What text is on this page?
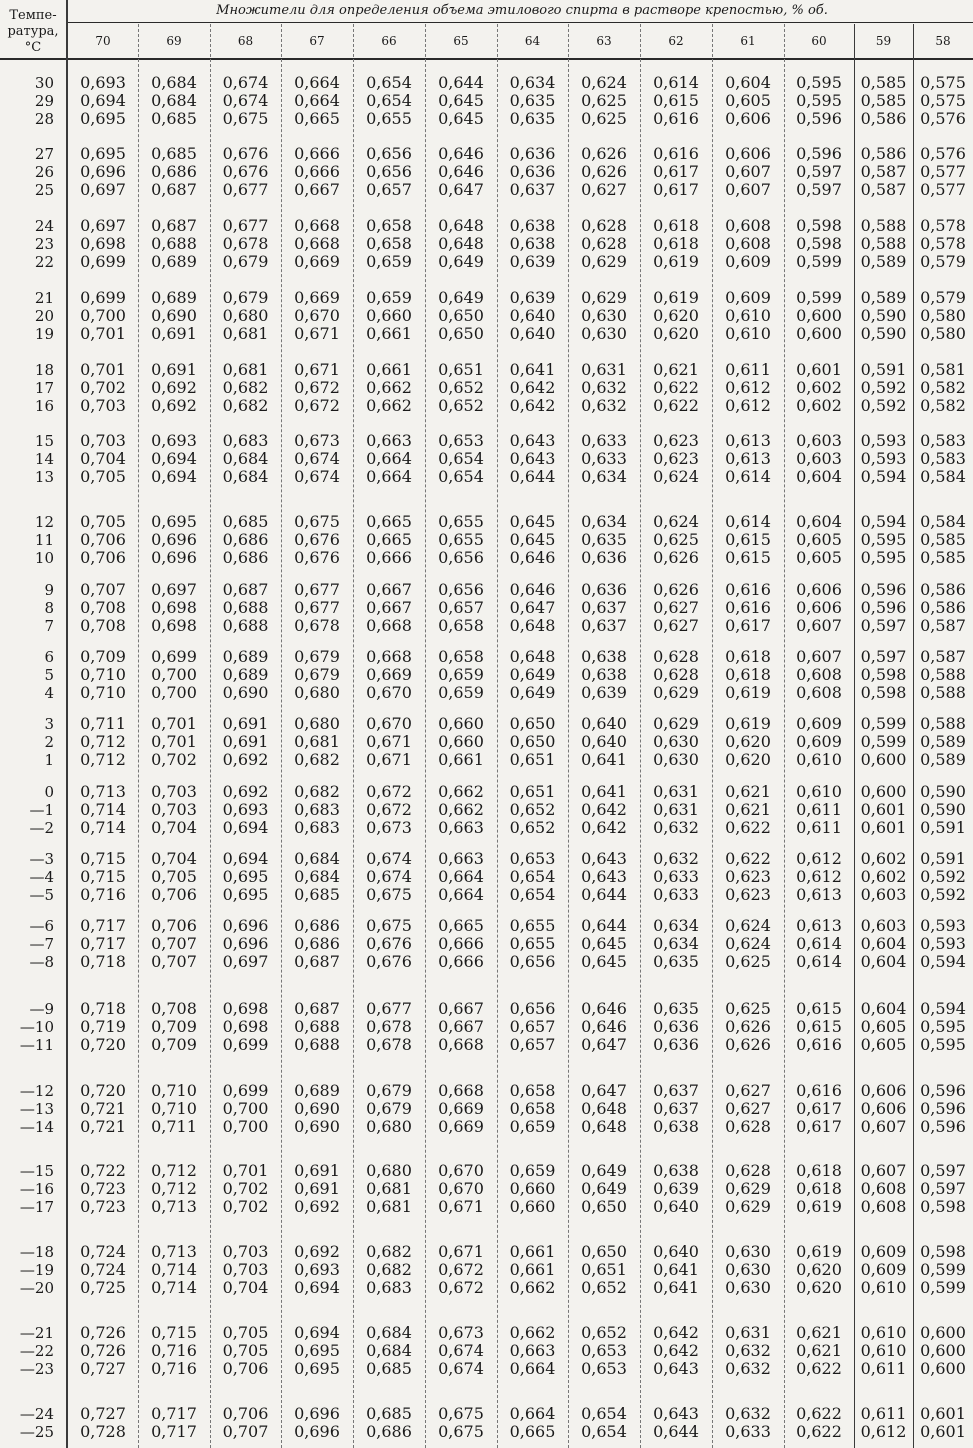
Темпе-
ратура,
°C
Множители для определения объема этилового спирта в растворе крепостью, % об.
70	69	68	67	66	65	64	63	62	61	60	59	58
30	0,693	0,684	0,674	0,664	0,654	0,644	0,634	0,624	0,614	0,604	0,595	0,585 0,575
29	0,694	0,684	0,674	0,664	0,654	0,645	0,635	0,625	0,615	0,605	0,595	0,585 0,575
28	0,695	0,685	0,675	0,665	0,655	0,645	0,635	0,625	0,616	0,606	0,596	0,586 0,576
27	0,695	0,685	0,676	0,666	0,656	0,646	0,636	0,626	0,616	0,606	0,596	0,586 0,576
26	0,696	0,686	0,676	0,666	0,656	0,646	0,636	0,626	0,617	0,607	0,597	0,587 0,577
25	0,697	0,687	0,677	0,667	0,657	0,647	0,637	0,627	0,617	0,607	0,597	0,587 0,577
24	0,697	0,687	0,677	0,668	0,658	0,648	0,638	0,628	0,618	0,608	0,598	0,588 0,578
23	0,698	0,688	0,678	0,668	0,658	0,648	0,638	0,628	0,618	0,608	0,598	0,588 0,578
22	0,699	0,689	0,679	0,669	0,659	0,649	0,639	0,629	0,619	0,609	0,599	0,589 0,579
21	0,699	0,689	0,679	0,669	0,659	0,649	0,639	0,629	0,619	0,609	0,599	0,589 0,579
20	0,700	0,690	0,680	0,670	0,660	0,650	0,640	0,630	0,620	0,610	0,600	0,590 0,580
19	0,701	0,691	0,681	0,671	0,661	0,650	0,640	0,630	0,620	0,610	0,600	0,590 0,580
18	0,701	0,691	0,681	0,671	0,661	0,651	0,641	0,631	0,621	0,611	0,601	0,591 0,581
17	0,702	0,692	0,682	0,672	0,662	0,652	0,642	0,632	0,622	0,612	0,602	0,592 0,582
16	0,703	0,692	0,682	0,672	0,662	0,652	0,642	0,632	0,622	0,612	0,602	0,592 0,582
15	0,703	0,693	0,683	0,673	0,663	0,653	0,643	0,633	0,623	0,613	0,603	0,593 0,583
14	0,704	0,694	0,684	0,674	0,664	0,654	0,643	0,633	0,623	0,613	0,603	0,593 0,583
13	0,705	0,694	0,684	0,674	0,664	0,654	0,644	0,634	0,624	0,614	0,604	0,594 0,584
12	0,705	0,695	0,685	0,675	0,665	0,655	0,645	0,634	0,624	0,614	0,604	0,594 0,584
11	0,706	0,696	0,686	0,676	0,665	0,655	0,645	0,635	0,625	0,615	0,605	0,595 0,585
10	0,706	0,696	0,686	0,676	0,666	0,656	0,646	0,636	0,626	0,615	0,605	0,595 0,585
9	0,707	0,697	0,687	0,677	0,667	0,656	0,646	0,636	0,626	0,616	0,606	0,596 0,586
8	0,708	0,698	0,688	0,677	0,667	0,657	0,647	0,637	0,627	0,616	0,606	0,596 0,586
7	0,708	0,698	0,688	0,678	0,668	0,658	0,648	0,637	0,627	0,617	0,607	0,597 0,587
6	0,709	0,699	0,689	0,679	0,668	0,658	0,648	0,638	0,628	0,618	0,607	0,597 0,587
5	0,710	0,700	0,689	0,679	0,669	0,659	0,649	0,638	0,628	0,618	0,608	0,598 0,588
4	0,710	0,700	0,690	0,680	0,670	0,659	0,649	0,639	0,629	0,619	0,608	0,598 0,588
3	0,711	0,701	0,691	0,680	0,670	0,660	0,650	0,640	0,629	0,619	0,609	0,599 0,588
2	0,712	0,701	0,691	0,681	0,671	0,660	0,650	0,640	0,630	0,620	0,609	0,599 0,589
1	0,712	0,702	0,692	0,682	0,671	0,661	0,651	0,641	0,630	0,620	0,610	0,600 0,589
0	0,713	0,703	0,692	0,682	0,672	0,662	0,651	0,641	0,631	0,621	0,610	0,600 0,590
—1	0,714	0,703	0,693	0,683	0,672	0,662	0,652	0,642	0,631	0,621	0,611	0,601 0,590
—2	0,714	0,704	0,694	0,683	0,673	0,663	0,652	0,642	0,632	0,622	0,611	0,601 0,591
—3	0,715	0,704	0,694	0,684	0,674	0,663	0,653	0,643	0,632	0,622	0,612	0,602 0,591
—4	0,715	0,705	0,695	0,684	0,674	0,664	0,654	0,643	0,633	0,623	0,612	0,602 0,592
—5	0,716	0,706	0,695	0,685	0,675	0,664	0,654	0,644	0,633	0,623	0,613	0,603 0,592
—6	0,717	0,706	0,696	0,686	0,675	0,665	0,655	0,644	0,634	0,624	0,613	0,603 0,593
—7	0,717	0,707	0,696	0,686	0,676	0,666	0,655	0,645	0,634	0,624	0,614	0,604 0,593
—8	0,718	0,707	0,697	0,687	0,676	0,666	0,656	0,645	0,635	0,625	0,614	0,604 0,594
—9	0,718	0,708	0,698	0,687	0,677	0,667	0,656	0,646	0,635	0,625	0,615	0,604 0,594
—10	0,719	0,709	0,698	0,688	0,678	0,667	0,657	0,646	0,636	0,626	0,615	0,605 0,595
—11	0,720	0,709	0,699	0,688	0,678	0,668	0,657	0,647	0,636	0,626	0,616	0,605 0,595
—12	0,720	0,710	0,699	0,689	0,679	0,668	0,658	0,647	0,637	0,627	0,616	0,606 0,596
—13	0,721	0,710	0,700	0,690	0,679	0,669	0,658	0,648	0,637	0,627	0,617	0,606 0,596
—14	0,721	0,711	0,700	0,690	0,680	0,669	0,659	0,648	0,638	0,628	0,617	0,607 0,596
—15	0,722	0,712	0,701	0,691	0,680	0,670	0,659	0,649	0,638	0,628	0,618	0,607 0,597
—16	0,723	0,712	0,702	0,691	0,681	0,670	0,660	0,649	0,639	0,629	0,618	0,608 0,597
—17	0,723	0,713	0,702	0,692	0,681	0,671	0,660	0,650	0,640	0,629	0,619	0,608 0,598
—18	0,724	0,713	0,703	0,692	0,682	0,671	0,661	0,650	0,640	0,630	0,619	0,609 0,598
—19	0,724	0,714	0,703	0,693	0,682	0,672	0,661	0,651	0,641	0,630	0,620	0,609 0,599
—20	0,725	0,714	0,704	0,694	0,683	0,672	0,662	0,652	0,641	0,630	0,620	0,610 0,599
—21	0,726	0,715	0,705	0,694	0,684	0,673	0,662	0,652	0,642	0,631	0,621	0,610 0,600
—22	0,726	0,716	0,705	0,695	0,684	0,674	0,663	0,653	0,642	0,632	0,621	0,610 0,600
—23	0,727	0,716	0,706	0,695	0,685	0,674	0,664	0,653	0,643	0,632	0,622	0,611 0,600
—24	0,727	0,717	0,706	0,696	0,685	0,675	0,664	0,654	0,643	0,632	0,622	0,611 0,601
—25	0,728	0,717	0,707	0,696	0,686	0,675	0,665	0,654	0,644	0,633	0,622	0,612 0,601
